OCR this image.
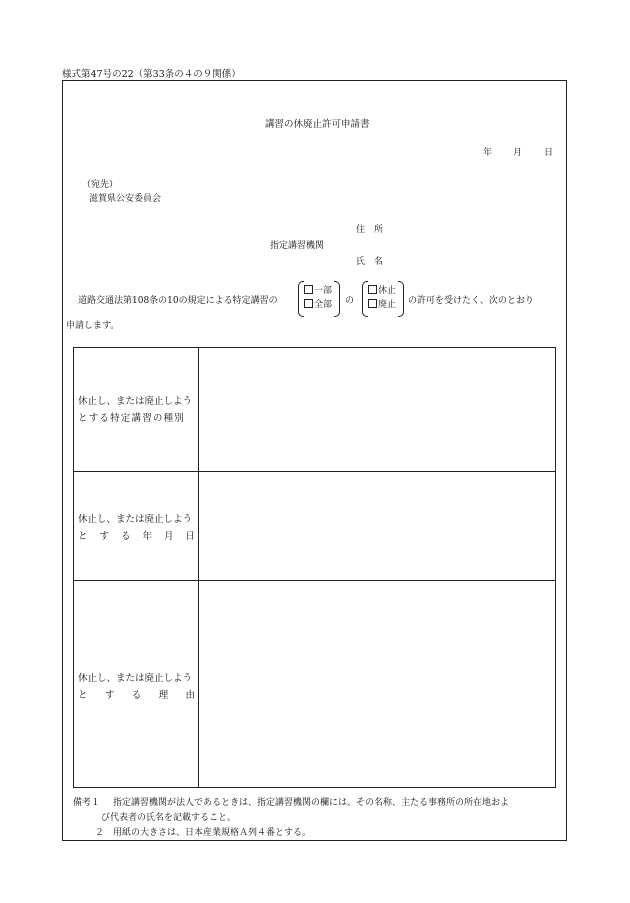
様式第47号の22（第33条の４の９関係）
講習の休廃止許可申請書
年 月 日
（宛先）
滋賀県公安委員会
住　所
指定講習機関
氏　名
道路交通法第108条の10の規定による特定講習の
一部
全部 の
休止
廃止 の許可を受けたく、次のとおり
申請します。
休止し、または廃止しよう
とする特定講習の種別
休止し、または廃止しよう
と す る 年 月 日
休止し、または廃止しよう
と す る 理 由
備考１ 指定講習機関が法人であるときは、指定講習機関の欄には、その名称、主たる事務所の所在地およ
び代表者の氏名を記載すること。
２ 用紙の大きさは、日本産業規格Ａ列４番とする。
